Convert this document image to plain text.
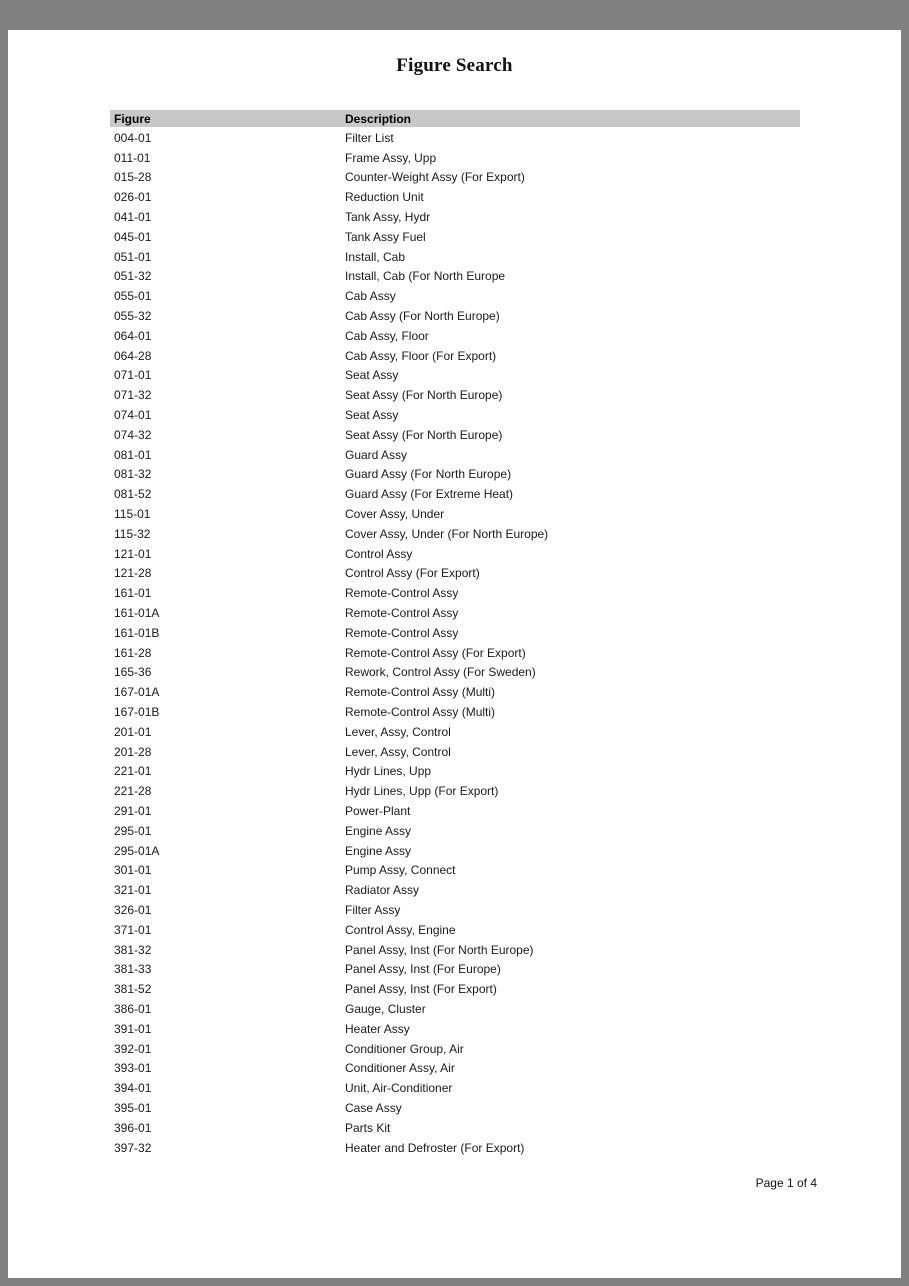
Figure Search
Figure	Description
004-01	Filter List
011-01	Frame Assy, Upp
015-28	Counter-Weight Assy (For Export)
026-01	Reduction Unit
041-01	Tank Assy, Hydr
045-01	Tank Assy Fuel
051-01	Install, Cab
051-32	Install, Cab (For North Europe
055-01	Cab Assy
055-32	Cab Assy (For North Europe)
064-01	Cab Assy, Floor
064-28	Cab Assy, Floor (For Export)
071-01	Seat Assy
071-32	Seat Assy (For North Europe)
074-01	Seat Assy
074-32	Seat Assy (For North Europe)
081-01	Guard Assy
081-32	Guard Assy (For North Europe)
081-52	Guard Assy (For Extreme Heat)
115-01	Cover Assy, Under
115-32	Cover Assy, Under (For North Europe)
121-01	Control Assy
121-28	Control Assy (For Export)
161-01	Remote-Control Assy
161-01A	Remote-Control Assy
161-01B	Remote-Control Assy
161-28	Remote-Control Assy (For Export)
165-36	Rework, Control Assy (For Sweden)
167-01A	Remote-Control Assy (Multi)
167-01B	Remote-Control Assy (Multi)
201-01	Lever, Assy, Control
201-28	Lever, Assy, Control
221-01	Hydr Lines, Upp
221-28	Hydr Lines, Upp (For Export)
291-01	Power-Plant
295-01	Engine Assy
295-01A	Engine Assy
301-01	Pump Assy, Connect
321-01	Radiator Assy
326-01	Filter Assy
371-01	Control Assy, Engine
381-32	Panel Assy, Inst (For North Europe)
381-33	Panel Assy, Inst (For Europe)
381-52	Panel Assy, Inst (For Export)
386-01	Gauge, Cluster
391-01	Heater Assy
392-01	Conditioner Group, Air
393-01	Conditioner Assy, Air
394-01	Unit, Air-Conditioner
395-01	Case Assy
396-01	Parts Kit
397-32	Heater and Defroster (For Export)
Page 1 of 4
